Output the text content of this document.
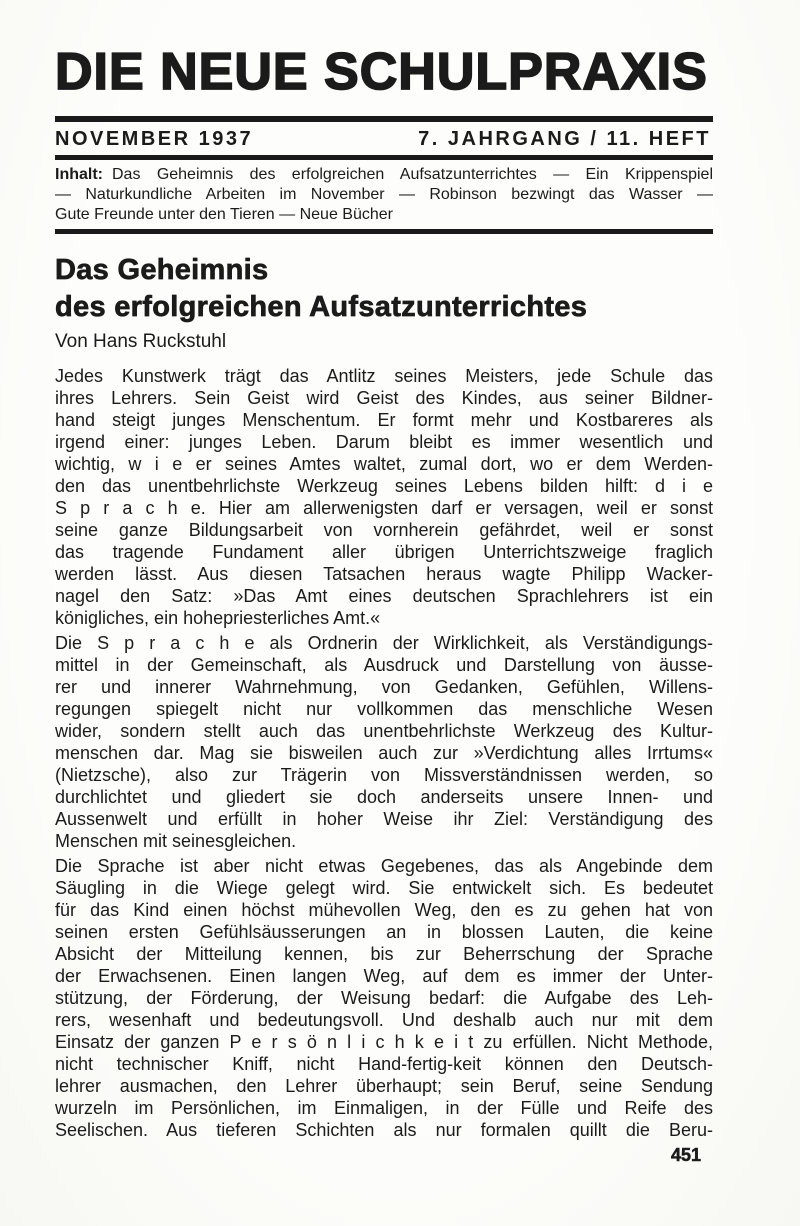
DIE NEUE SCHULPRAXIS
NOVEMBER 1937	7. JAHRGANG / 11. HEFT
Inhalt: Das Geheimnis des erfolgreichen Aufsatzunterrichtes — Ein Krippenspiel
— Naturkundliche Arbeiten im November — Robinson bezwingt das Wasser —
Gute Freunde unter den Tieren — Neue Bücher
Das Geheimnis
des erfolgreichen Aufsatzunterrichtes
Von Hans Ruckstuhl
Jedes Kunstwerk trägt das Antlitz seines Meisters, jede Schule das
ihres Lehrers. Sein Geist wird Geist des Kindes, aus seiner Bildner-
hand steigt junges Menschentum. Er formt mehr und Kostbareres als
irgend einer: junges Leben. Darum bleibt es immer wesentlich und
wichtig, w i e er seines Amtes waltet, zumal dort, wo er dem Werden-
den das unentbehrlichste Werkzeug seines Lebens bilden hilft: d i e
S p r a c h e. Hier am allerwenigsten darf er versagen, weil er sonst
seine ganze Bildungsarbeit von vornherein gefährdet, weil er sonst
das tragende Fundament aller übrigen Unterrichtszweige fraglich
werden lässt. Aus diesen Tatsachen heraus wagte Philipp Wacker-
nagel den Satz: »Das Amt eines deutschen Sprachlehrers ist ein
königliches, ein hohepriesterliches Amt.«
Die S p r a c h e als Ordnerin der Wirklichkeit, als Verständigungs-
mittel in der Gemeinschaft, als Ausdruck und Darstellung von äusse-
rer und innerer Wahrnehmung, von Gedanken, Gefühlen, Willens-
regungen spiegelt nicht nur vollkommen das menschliche Wesen
wider, sondern stellt auch das unentbehrlichste Werkzeug des Kultur-
menschen dar. Mag sie bisweilen auch zur »Verdichtung alles Irrtums«
(Nietzsche), also zur Trägerin von Missverständnissen werden, so
durchlichtet und gliedert sie doch anderseits unsere Innen- und
Aussenwelt und erfüllt in hoher Weise ihr Ziel: Verständigung des
Menschen mit seinesgleichen.
Die Sprache ist aber nicht etwas Gegebenes, das als Angebinde dem
Säugling in die Wiege gelegt wird. Sie entwickelt sich. Es bedeutet
für das Kind einen höchst mühevollen Weg, den es zu gehen hat von
seinen ersten Gefühlsäusserungen an in blossen Lauten, die keine
Absicht der Mitteilung kennen, bis zur Beherrschung der Sprache
der Erwachsenen. Einen langen Weg, auf dem es immer der Unter-
stützung, der Förderung, der Weisung bedarf: die Aufgabe des Leh-
rers, wesenhaft und bedeutungsvoll. Und deshalb auch nur mit dem
Einsatz der ganzen P e r s ö n l i c h k e i t zu erfüllen. Nicht Methode,
nicht technischer Kniff, nicht Hand-fertig-keit können den Deutsch-
lehrer ausmachen, den Lehrer überhaupt; sein Beruf, seine Sendung
wurzeln im Persönlichen, im Einmaligen, in der Fülle und Reife des
Seelischen. Aus tieferen Schichten als nur formalen quillt die Beru-
451
